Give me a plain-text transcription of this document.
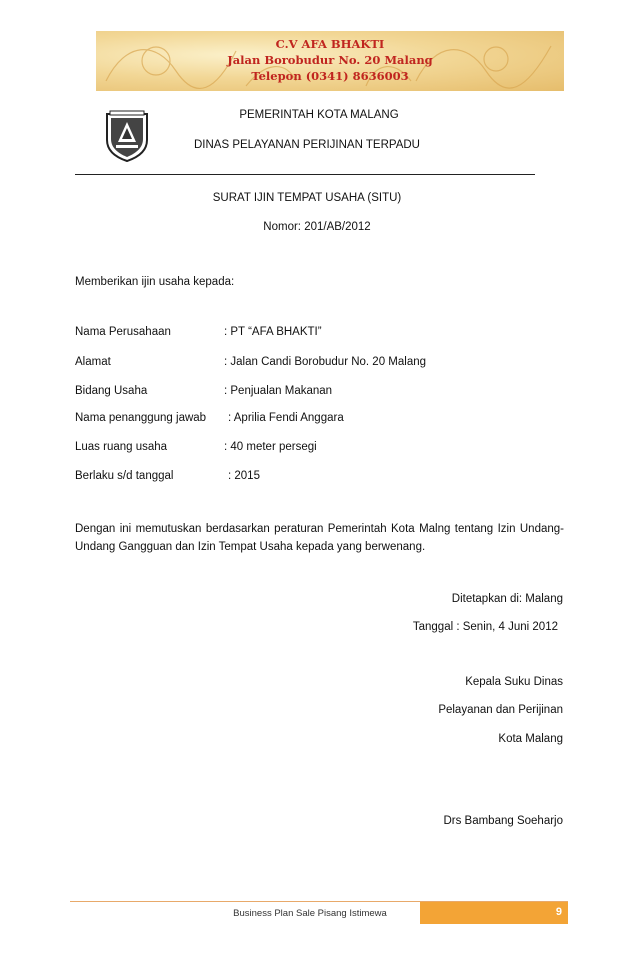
C.V AFA BHAKTI
Jalan Borobudur No. 20 Malang
Telepon (0341) 8636003
PEMERINTAH KOTA MALANG
DINAS PELAYANAN PERIJINAN TERPADU
SURAT IJIN TEMPAT USAHA (SITU)
Nomor: 201/AB/2012
Memberikan ijin usaha kepada:
Nama Perusahaan	: PT “AFA BHAKTI”
Alamat	: Jalan Candi Borobudur No. 20 Malang
Bidang Usaha	: Penjualan Makanan
Nama penanggung jawab : Aprilia Fendi Anggara
Luas ruang usaha	: 40 meter persegi
Berlaku s/d tanggal	: 2015
Dengan ini memutuskan berdasarkan peraturan Pemerintah Kota Malng tentang Izin Undang-Undang Gangguan dan Izin Tempat Usaha kepada yang berwenang.
Ditetapkan di: Malang
Tanggal : Senin, 4 Juni 2012
Kepala Suku Dinas
Pelayanan dan Perijinan
Kota Malang
Drs Bambang Soeharjo
9
Business Plan Sale Pisang Istimewa
